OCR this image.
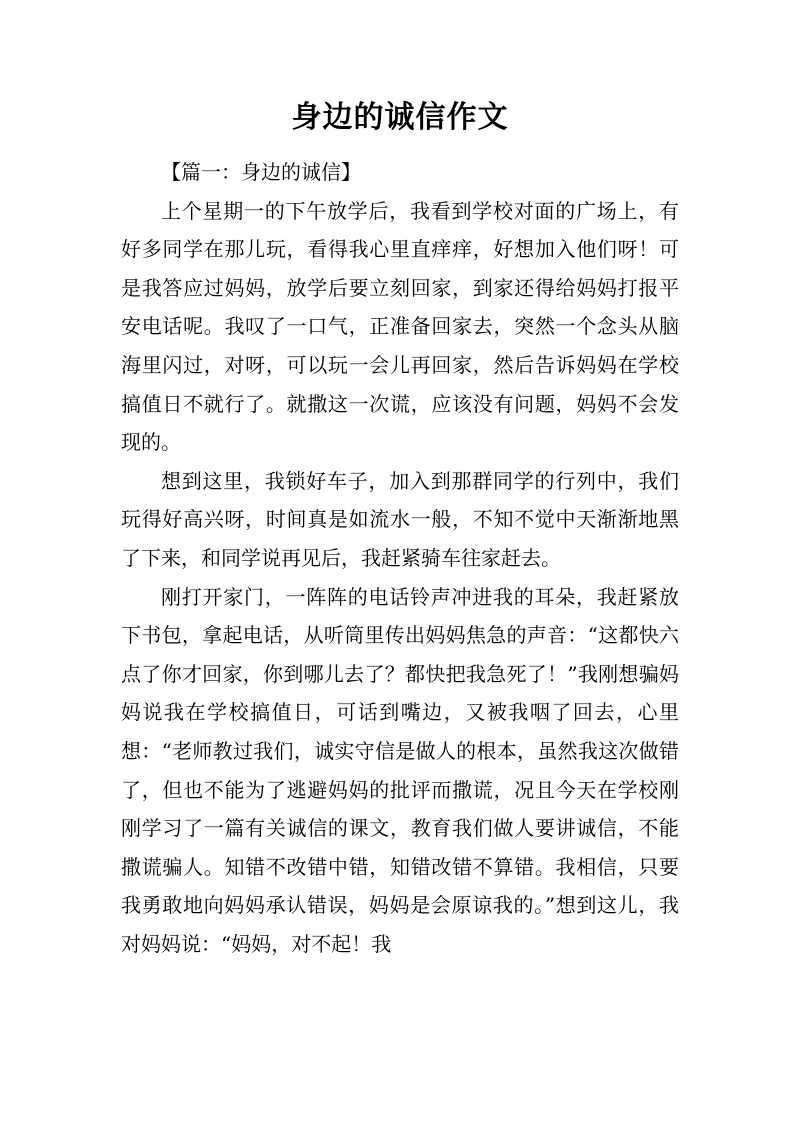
身边的诚信作文

【篇一：身边的诚信】

上个星期一的下午放学后，我看到学校对面的广场上，有好多同学在那儿玩，看得我心里直痒痒，好想加入他们呀！可是我答应过妈妈，放学后要立刻回家，到家还得给妈妈打报平安电话呢。我叹了一口气，正准备回家去，突然一个念头从脑海里闪过，对呀，可以玩一会儿再回家，然后告诉妈妈在学校搞值日不就行了。就撒这一次谎，应该没有问题，妈妈不会发现的。

想到这里，我锁好车子，加入到那群同学的行列中，我们玩得好高兴呀，时间真是如流水一般，不知不觉中天渐渐地黑了下来，和同学说再见后，我赶紧骑车往家赶去。

刚打开家门，一阵阵的电话铃声冲进我的耳朵，我赶紧放下书包，拿起电话，从听筒里传出妈妈焦急的声音：“这都快六点了你才回家，你到哪儿去了？都快把我急死了！”我刚想骗妈妈说我在学校搞值日，可话到嘴边，又被我咽了回去，心里想：“老师教过我们，诚实守信是做人的根本，虽然我这次做错了，但也不能为了逃避妈妈的批评而撒谎，况且今天在学校刚刚学习了一篇有关诚信的课文，教育我们做人要讲诚信，不能撒谎骗人。知错不改错中错，知错改错不算错。我相信，只要我勇敢地向妈妈承认错误，妈妈是会原谅我的。”想到这儿，我对妈妈说：“妈妈，对不起！我
